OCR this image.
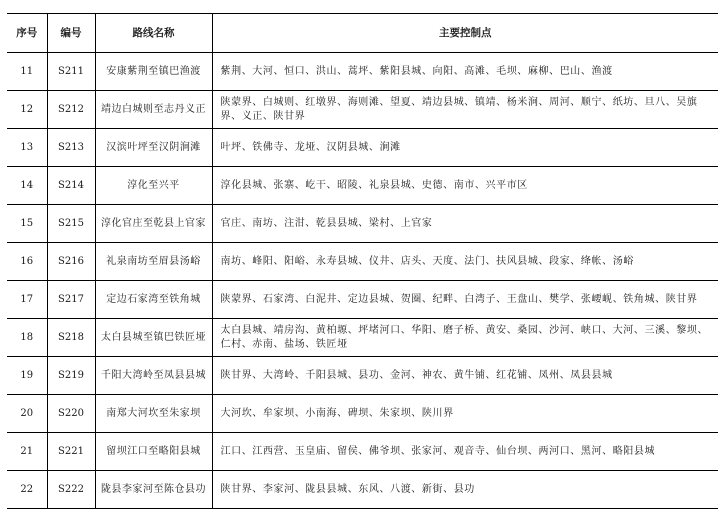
序号	编号	路线名称	主要控制点
11	S211	安康紫荆至镇巴渔渡	紫荆、大河、恒口、洪山、蒿坪、紫阳县城、向阳、高滩、毛坝、麻柳、巴山、渔渡
12	S212	靖边白城则至志丹义正	陕蒙界、白城则、红墩界、海则滩、望夏、靖边县城、镇靖、杨米涧、周河、顺宁、纸坊、旦八、吴旗界、义正、陕甘界
13	S213	汉滨叶坪至汉阴涧滩	叶坪、铁佛寺、龙垭、汉阴县城、涧滩
14	S214	淳化至兴平	淳化县城、张寨、屹干、昭陵、礼泉县城、史德、南市、兴平市区
15	S215	淳化官庄至乾县上官家	官庄、南坊、注泔、乾县县城、梁村、上官家
16	S216	礼泉南坊至眉县汤峪	南坊、峰阳、阳峪、永寿县城、仪井、店头、天度、法门、扶风县城、段家、绛帐、汤峪
17	S217	定边石家湾至铁角城	陕蒙界、石家湾、白泥井、定边县城、贺圈、纪畔、白湾子、王盘山、樊学、张崾岘、铁角城、陕甘界
18	S218	太白县城至镇巴铁匠垭	太白县城、靖房沟、黄柏塬、坪堵河口、华阳、磨子桥、黄安、桑园、沙河、峡口、大河、三溪、黎坝、仁村、赤南、盐场、铁匠垭
19	S219	千阳大湾岭至凤县县城	陕甘界、大湾岭、千阳县城、县功、金河、神农、黄牛铺、红花铺、凤州、凤县县城
20	S220	南郑大河坎至朱家坝	大河坎、牟家坝、小南海、碑坝、朱家坝、陕川界
21	S221	留坝江口至略阳县城	江口、江西营、玉皇庙、留侯、佛爷坝、张家河、观音寺、仙台坝、两河口、黑河、略阳县城
22	S222	陇县李家河至陈仓县功	陕甘界、李家河、陇县县城、东风、八渡、新街、县功
